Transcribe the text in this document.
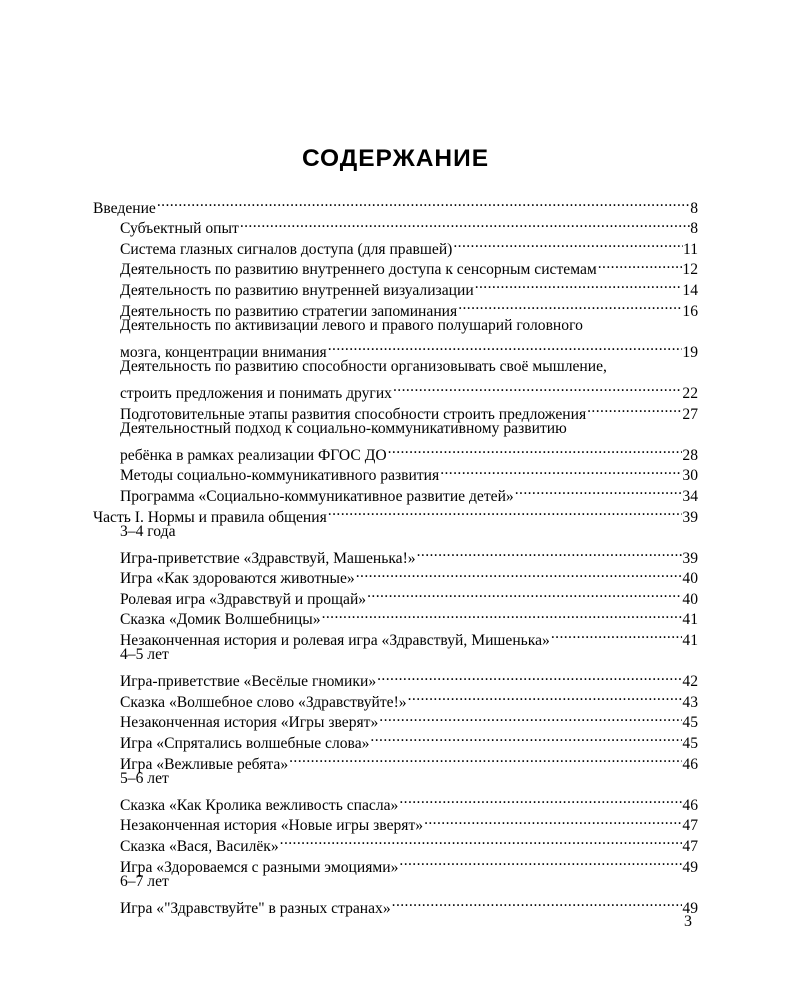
СОДЕРЖАНИЕ
Введение .....	8
Субъектный опыт .....	8
Система глазных сигналов доступа (для правшей) .....	11
Деятельность по развитию внутреннего доступа к сенсорным системам .....	12
Деятельность по развитию внутренней визуализации .....	14
Деятельность по развитию стратегии запоминания .....	16
Деятельность по активизации левого и правого полушарий головного
мозга, концентрации внимания .....	19
Деятельность по развитию способности организовывать своё мышление,
строить предложения и понимать других .....	22
Подготовительные этапы развития способности строить предложения .....	27
Деятельностный подход к социально-коммуникативному развитию
ребёнка в рамках реализации ФГОС ДО .....	28
Методы социально-коммуникативного развития .....	30
Программа «Социально-коммуникативное развитие детей» .....	34
Часть I. Нормы и правила общения .....	39
3–4 года
Игра-приветствие «Здравствуй, Машенька!» .....	39
Игра «Как здороваются животные» .....	40
Ролевая игра «Здравствуй и прощай» .....	40
Сказка «Домик Волшебницы» .....	41
Незаконченная история и ролевая игра «Здравствуй, Мишенька» .....	41
4–5 лет
Игра-приветствие «Весёлые гномики» .....	42
Сказка «Волшебное слово «Здравствуйте!» .....	43
Незаконченная история «Игры зверят» .....	45
Игра «Спрятались волшебные слова» .....	45
Игра «Вежливые ребята» .....	46
5–6 лет
Сказка «Как Кролика вежливость спасла» .....	46
Незаконченная история «Новые игры зверят» .....	47
Сказка «Вася, Василёк» .....	47
Игра «Здороваемся с разными эмоциями» .....	49
6–7 лет
Игра «"Здравствуйте" в разных странах» .....	49
3
